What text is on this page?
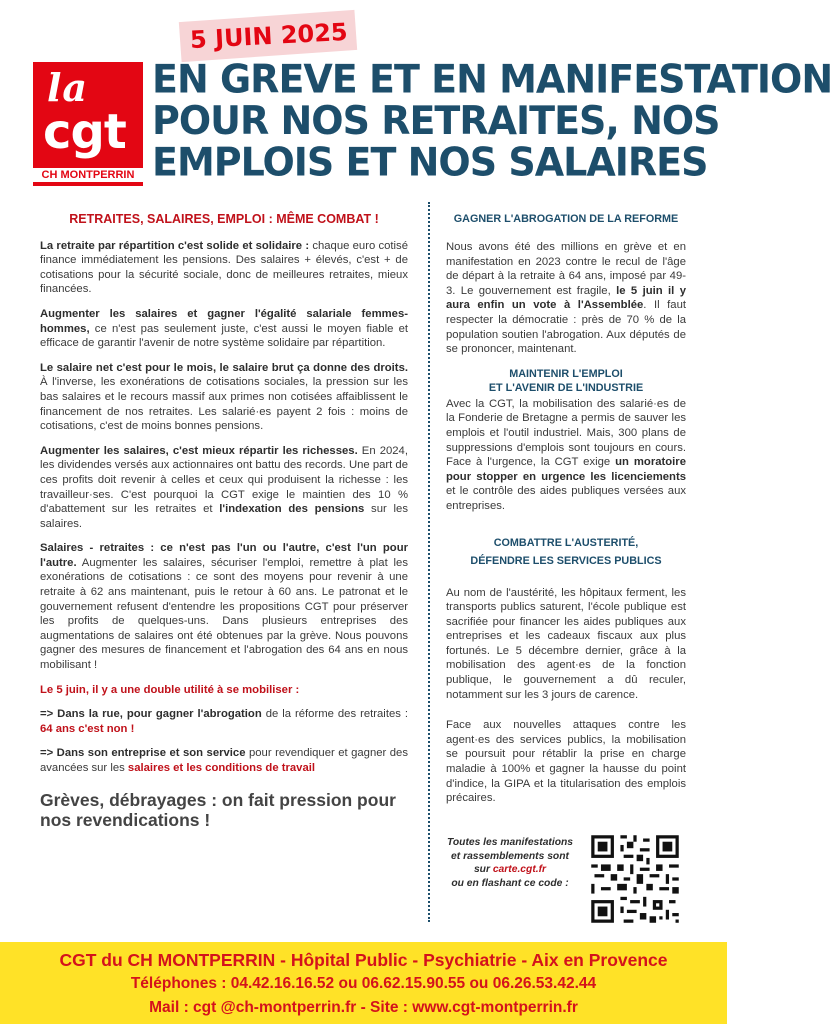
la
cgt
CH MONTPERRIN
5 JUIN 2025
EN GREVE ET EN MANIFESTATION
POUR NOS RETRAITES, NOS
EMPLOIS ET NOS SALAIRES
RETRAITES, SALAIRES, EMPLOI : MÊME COMBAT !

La retraite par répartition c'est solide et solidaire : chaque euro cotisé finance immédiatement les pensions. Des salaires + élevés, c'est + de cotisations pour la sécurité sociale, donc de meilleures retraites, mieux financées.

Augmenter les salaires et gagner l'égalité salariale femmes-hommes, ce n'est pas seulement juste, c'est aussi le moyen fiable et efficace de garantir l'avenir de notre système solidaire par répartition.

Le salaire net c'est pour le mois, le salaire brut ça donne des droits. À l'inverse, les exonérations de cotisations sociales, la pression sur les bas salaires et le recours massif aux primes non cotisées affaiblissent le financement de nos retraites. Les salarié·es payent 2 fois : moins de cotisations, c'est de moins bonnes pensions.

Augmenter les salaires, c'est mieux répartir les richesses. En 2024, les dividendes versés aux actionnaires ont battu des records. Une part de ces profits doit revenir à celles et ceux qui produisent la richesse : les travailleur·ses. C'est pourquoi la CGT exige le maintien des 10 % d'abattement sur les retraites et l'indexation des pensions sur les salaires.

Salaires - retraites : ce n'est pas l'un ou l'autre, c'est l'un pour l'autre. Augmenter les salaires, sécuriser l'emploi, remettre à plat les exonérations de cotisations : ce sont des moyens pour revenir à une retraite à 62 ans maintenant, puis le retour à 60 ans. Le patronat et le gouvernement refusent d'entendre les propositions CGT pour préserver les profits de quelques-uns. Dans plusieurs entreprises des augmentations de salaires ont été obtenues par la grève. Nous pouvons gagner des mesures de financement et l'abrogation des 64 ans en nous mobilisant !

Le 5 juin, il y a une double utilité à se mobiliser :

=> Dans la rue, pour gagner l'abrogation de la réforme des retraites : 64 ans c'est non !

=> Dans son entreprise et son service pour revendiquer et gagner des avancées sur les salaires et les conditions de travail

Grèves, débrayages : on fait pression pour nos revendications !
GAGNER L'ABROGATION DE LA REFORME

Nous avons été des millions en grève et en manifestation en 2023 contre le recul de l'âge de départ à la retraite à 64 ans, imposé par 49-3. Le gouvernement est fragile, le 5 juin il y aura enfin un vote à l'Assemblée. Il faut respecter la démocratie : près de 70 % de la population soutien l'abrogation. Aux députés de se prononcer, maintenant.

MAINTENIR L'EMPLOI
ET L'AVENIR DE L'INDUSTRIE

Avec la CGT, la mobilisation des salarié·es de la Fonderie de Bretagne a permis de sauver les emplois et l'outil industriel. Mais, 300 plans de suppressions d'emplois sont toujours en cours. Face à l'urgence, la CGT exige un moratoire pour stopper en urgence les licenciements et le contrôle des aides publiques versées aux entreprises.

COMBATTRE L'AUSTERITÉ,
DÉFENDRE LES SERVICES PUBLICS

Au nom de l'austérité, les hôpitaux ferment, les transports publics saturent, l'école publique est sacrifiée pour financer les aides publiques aux entreprises et les cadeaux fiscaux aux plus fortunés. Le 5 décembre dernier, grâce à la mobilisation des agent·es de la fonction publique, le gouvernement a dû reculer, notamment sur les 3 jours de carence.

Face aux nouvelles attaques contre les agent·es des services publics, la mobilisation se poursuit pour rétablir la prise en charge maladie à 100% et gagner la hausse du point d'indice, la GIPA et la titularisation des emplois précaires.

Toutes les manifestations
et rassemblements sont
sur carte.cgt.fr
ou en flashant ce code :
CGT du CH MONTPERRIN - Hôpital Public - Psychiatrie - Aix en Provence
Téléphones : 04.42.16.16.52 ou 06.62.15.90.55 ou 06.26.53.42.44
Mail : cgt @ch-montperrin.fr - Site : www.cgt-montperrin.fr
